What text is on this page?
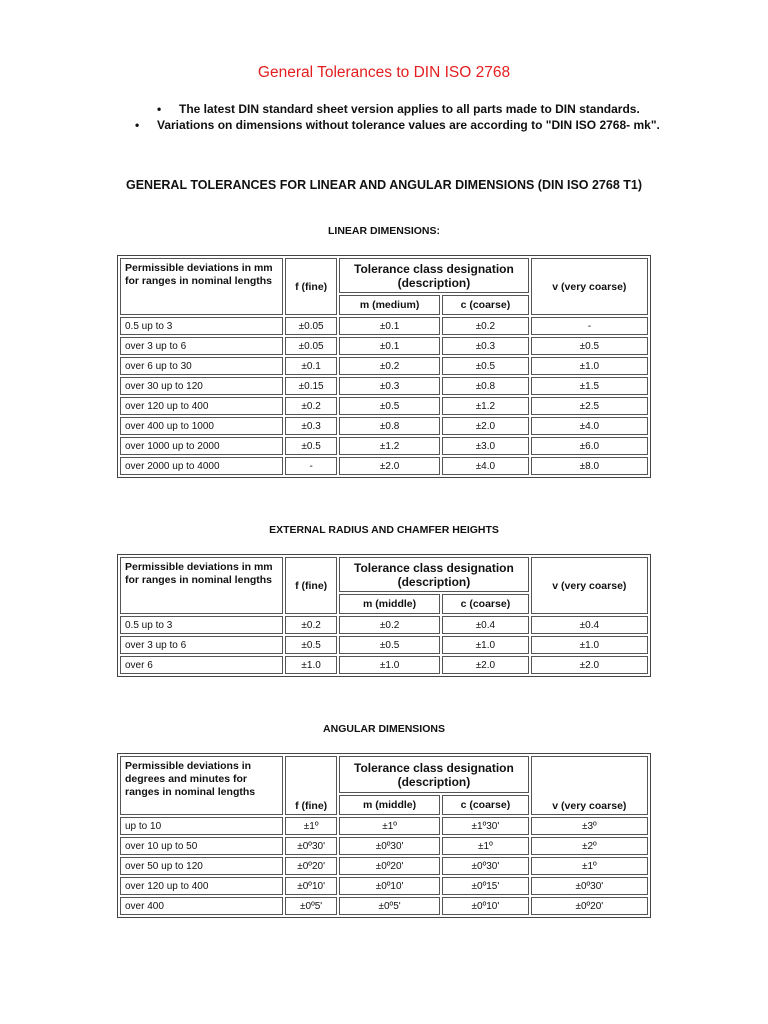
General Tolerances to DIN ISO 2768
• The latest DIN standard sheet version applies to all parts made to DIN standards.
• Variations on dimensions without tolerance values are according to "DIN ISO 2768- mk".
GENERAL TOLERANCES FOR LINEAR AND ANGULAR DIMENSIONS (DIN ISO 2768 T1)
LINEAR DIMENSIONS:
Permissible deviations in mm for ranges in nominal lengths	f (fine)	Tolerance class designation (description)		v (very coarse)
		m (medium)	c (coarse)	
0.5 up to 3	±0.05	±0.1	±0.2	-
over 3 up to 6	±0.05	±0.1	±0.3	±0.5
over 6 up to 30	±0.1	±0.2	±0.5	±1.0
over 30 up to 120	±0.15	±0.3	±0.8	±1.5
over 120 up to 400	±0.2	±0.5	±1.2	±2.5
over 400 up to 1000	±0.3	±0.8	±2.0	±4.0
over 1000 up to 2000	±0.5	±1.2	±3.0	±6.0
over 2000 up to 4000	-	±2.0	±4.0	±8.0
EXTERNAL RADIUS AND CHAMFER HEIGHTS
Permissible deviations in mm for ranges in nominal lengths	f (fine)	Tolerance class designation (description)		v (very coarse)
		m (middle)	c (coarse)	
0.5 up to 3	±0.2	±0.2	±0.4	±0.4
over 3 up to 6	±0.5	±0.5	±1.0	±1.0
over 6	±1.0	±1.0	±2.0	±2.0
ANGULAR DIMENSIONS
Permissible deviations in degrees and minutes for ranges in nominal lengths	f (fine)	Tolerance class designation (description)		v (very coarse)
		m (middle)	c (coarse)	
up to 10	±1º	±1º	±1º30'	±3º
over 10 up to 50	±0º30'	±0º30'	±1º	±2º
over 50 up to 120	±0º20'	±0º20'	±0º30'	±1º
over 120 up to 400	±0º10'	±0º10'	±0º15'	±0º30'
over 400	±0º5'	±0º5'	±0º10'	±0º20'
